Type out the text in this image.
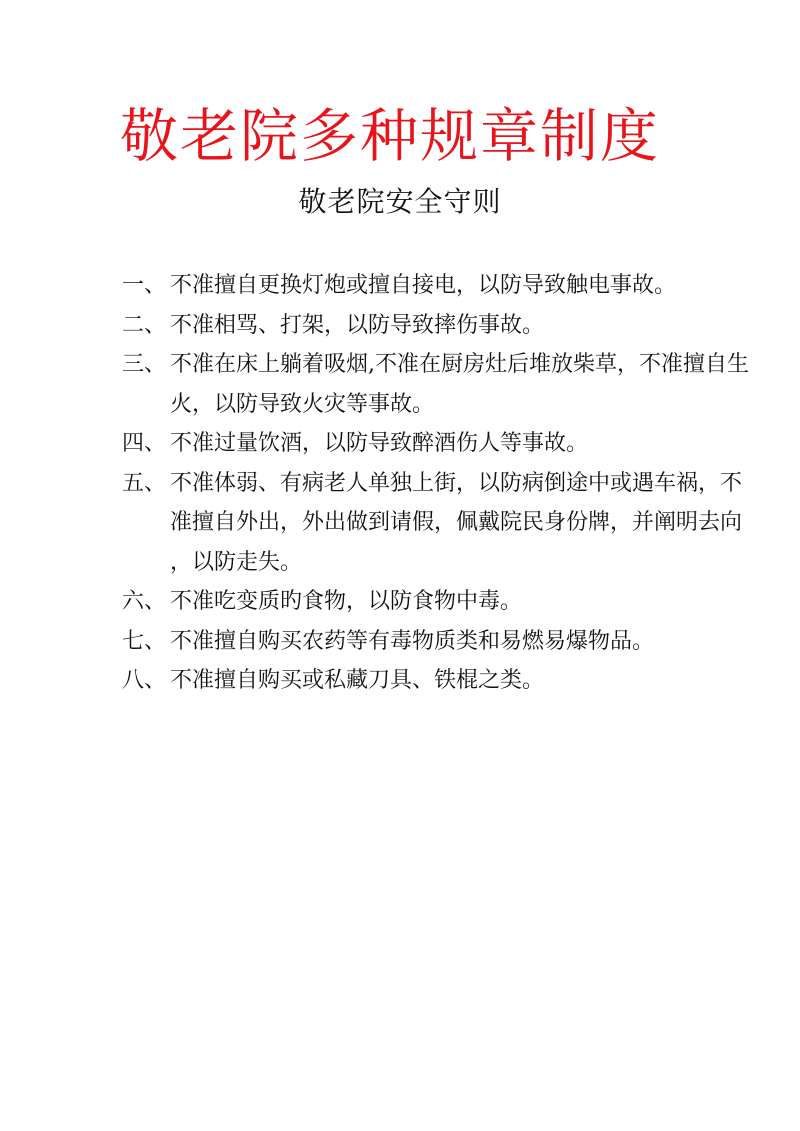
敬老院多种规章制度
敬老院安全守则
一、 不准擅自更换灯炮或擅自接电，以防导致触电事故。
二、 不准相骂、打架，以防导致摔伤事故。
三、 不准在床上躺着吸烟,不准在厨房灶后堆放柴草，不准擅自生火，以防导致火灾等事故。
四、 不准过量饮酒，以防导致醉酒伤人等事故。
五、 不准体弱、有病老人单独上街，以防病倒途中或遇车祸，不准擅自外出，外出做到请假，佩戴院民身份牌，并阐明去向，以防走失。
六、 不准吃变质旳食物，以防食物中毒。
七、 不准擅自购买农药等有毒物质类和易燃易爆物品。
八、 不准擅自购买或私藏刀具、铁棍之类。
